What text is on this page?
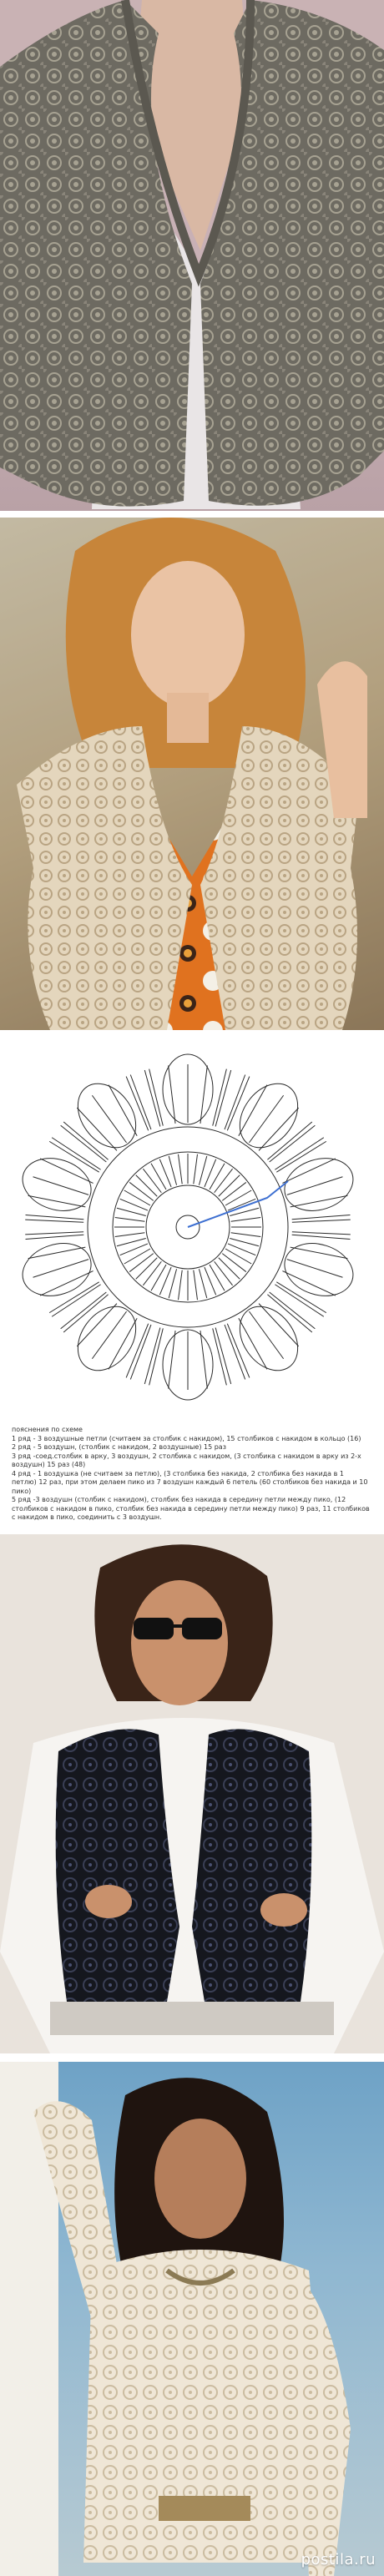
пояснения по схеме

1 ряд - 3 воздушные петли (считаем за столбик с накидом), 15 столбиков с накидом в кольцо (16)

2 ряд - 5 воздушн, (столбик с накидом, 2 воздушные) 15 раз

3 ряд -соед.столбик в арку, 3 воздушн, 2 столбика с накидом, (3 столбика с накидом в арку из 2-х воздушн) 15 раз (48)

4 ряд - 1 воздушка (не считаем за петлю), (3 столбика без накида, 2 столбика без накида в 1 петлю) 12 раз, при этом делаем пико из 7 воздушн каждый 6 петель (60 столбиков без накида и 10 пико)

5 ряд -3 воздушн (столбик с накидом), столбик без накида в середину петли между пико, (12 столбиков с накидом в пико, столбик без накида в середину петли между пико) 9 раз, 11 столбиков с накидом в пико, соединить с 3 воздушн.

postila.ru
